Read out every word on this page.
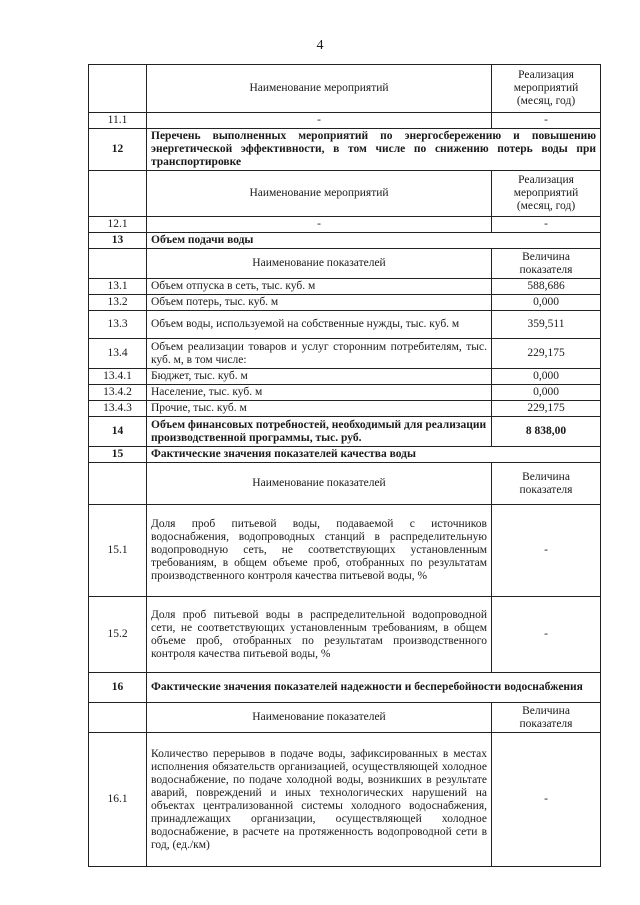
4
	Наименование мероприятий	Реализация мероприятий (месяц, год)
11.1	-	-
12	Перечень выполненных мероприятий по энергосбережению и повышению энергетической эффективности, в том числе по снижению потерь воды при транспортировке	
	Наименование мероприятий	Реализация мероприятий (месяц, год)
12.1	-	-
13	Объем подачи воды	
	Наименование показателей	Величина показателя
13.1	Объем отпуска в сеть, тыс. куб. м	588,686
13.2	Объем потерь, тыс. куб. м	0,000
13.3	Объем воды, используемой на собственные нужды, тыс. куб. м	359,511
13.4	Объем реализации товаров и услуг сторонним потребителям, тыс. куб. м, в том числе:	229,175
13.4.1	Бюджет, тыс. куб. м	0,000
13.4.2	Население, тыс. куб. м	0,000
13.4.3	Прочие, тыс. куб. м	229,175
14	Объем финансовых потребностей, необходимый для реализации производственной программы, тыс. руб.	8 838,00
15	Фактические значения показателей качества воды	
	Наименование показателей	Величина показателя
15.1	Доля проб питьевой воды, подаваемой с источников водоснабжения, водопроводных станций в распределительную водопроводную сеть, не соответствующих установленным требованиям, в общем объеме проб, отобранных по результатам производственного контроля качества питьевой воды, %	-
15.2	Доля проб питьевой воды в распределительной водопроводной сети, не соответствующих установленным требованиям, в общем объеме проб, отобранных по результатам производственного контроля качества питьевой воды, %	-
16	Фактические значения показателей надежности и бесперебойности водоснабжения	
	Наименование показателей	Величина показателя
16.1	Количество перерывов в подаче воды, зафиксированных в местах исполнения обязательств организацией, осуществляющей холодное водоснабжение, по подаче холодной воды, возникших в результате аварий, повреждений и иных технологических нарушений на объектах централизованной системы холодного водоснабжения, принадлежащих организации, осуществляющей холодное водоснабжение, в расчете на протяженность водопроводной сети в год, (ед./км)	-
